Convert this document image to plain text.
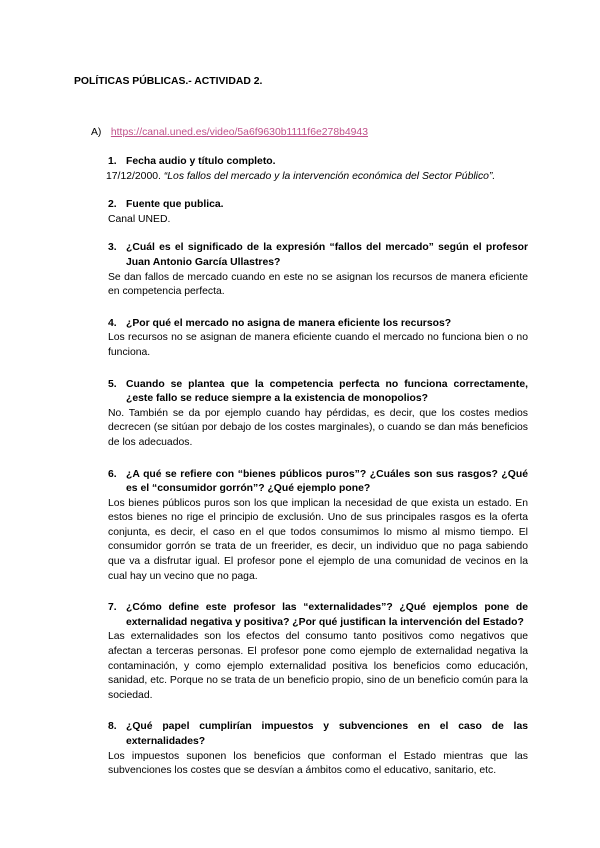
POLÍTICAS PÚBLICAS.- ACTIVIDAD 2.
A) https://canal.uned.es/video/5a6f9630b1111f6e278b4943
1. Fecha audio y título completo.
17/12/2000. “Los fallos del mercado y la intervención económica del Sector Público”.
2. Fuente que publica.
Canal UNED.
3. ¿Cuál es el significado de la expresión “fallos del mercado” según el profesor Juan Antonio García Ullastres?
Se dan fallos de mercado cuando en este no se asignan los recursos de manera eficiente en competencia perfecta.
4. ¿Por qué el mercado no asigna de manera eficiente los recursos?
Los recursos no se asignan de manera eficiente cuando el mercado no funciona bien o no funciona.
5. Cuando se plantea que la competencia perfecta no funciona correctamente, ¿este fallo se reduce siempre a la existencia de monopolios?
No. También se da por ejemplo cuando hay pérdidas, es decir, que los costes medios decrecen (se sitúan por debajo de los costes marginales), o cuando se dan más beneficios de los adecuados.
6. ¿A qué se refiere con “bienes públicos puros”? ¿Cuáles son sus rasgos? ¿Qué es el “consumidor gorrón”? ¿Qué ejemplo pone?
Los bienes públicos puros son los que implican la necesidad de que exista un estado. En estos bienes no rige el principio de exclusión. Uno de sus principales rasgos es la oferta conjunta, es decir, el caso en el que todos consumimos lo mismo al mismo tiempo. El consumidor gorrón se trata de un freerider, es decir, un individuo que no paga sabiendo que va a disfrutar igual. El profesor pone el ejemplo de una comunidad de vecinos en la cual hay un vecino que no paga.
7. ¿Cómo define este profesor las “externalidades”? ¿Qué ejemplos pone de externalidad negativa y positiva? ¿Por qué justifican la intervención del Estado?
Las externalidades son los efectos del consumo tanto positivos como negativos que afectan a terceras personas. El profesor pone como ejemplo de externalidad negativa la contaminación, y como ejemplo externalidad positiva los beneficios como educación, sanidad, etc. Porque no se trata de un beneficio propio, sino de un beneficio común para la sociedad.
8. ¿Qué papel cumplirían impuestos y subvenciones en el caso de las externalidades?
Los impuestos suponen los beneficios que conforman el Estado mientras que las subvenciones los costes que se desvían a ámbitos como el educativo, sanitario, etc.
